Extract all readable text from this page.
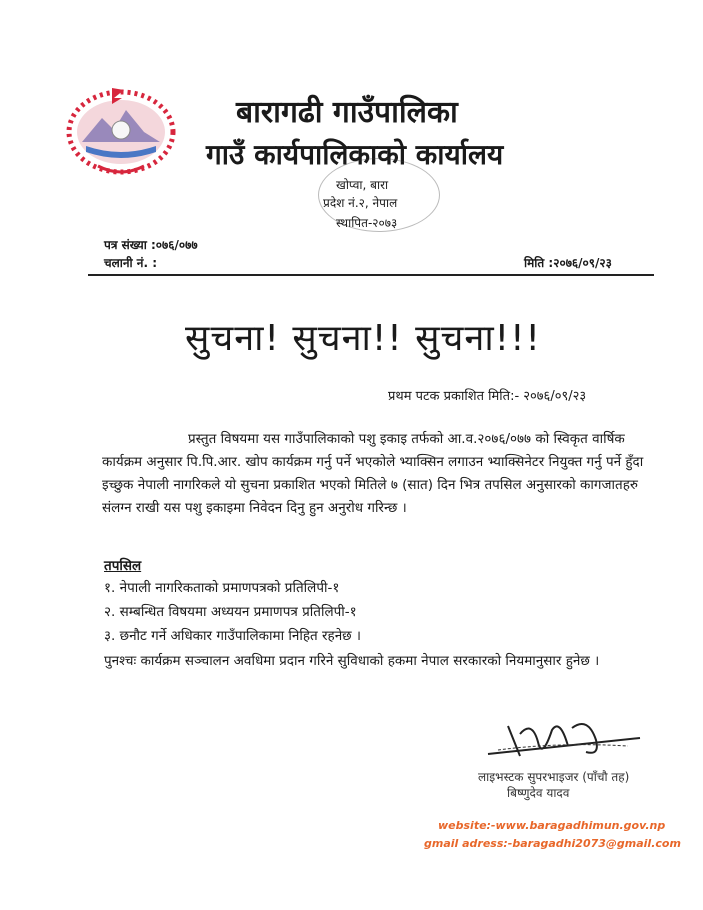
बारागढी गाउँपालिका
गाउँ कार्यपालिकाको कार्यालय
खोप्वा, बारा
प्रदेश नं.२, नेपाल
स्थापित-२०७३
पत्र संख्या :०७६/०७७
चलानी नं. :	मिति :२०७६/०९/२३
सुचना! सुचना!! सुचना!!!
प्रथम पटक प्रकाशित मिति:- २०७६/०९/२३
प्रस्तुत विषयमा यस गाउँपालिकाको पशु इकाइ तर्फको आ.व.२०७६/०७७ को स्विकृत वार्षिक कार्यक्रम अनुसार पि.पि.आर. खोप कार्यक्रम गर्नु पर्ने भएकोले भ्याक्सिन लगाउन भ्याक्सिनेटर नियुक्त गर्नु पर्ने हुँदा इच्छुक नेपाली नागरिकले यो सुचना प्रकाशित भएको मितिले ७ (सात) दिन भित्र तपसिल अनुसारको कागजातहरु संलग्न राखी यस पशु इकाइमा निवेदन दिनु हुन अनुरोध गरिन्छ ।
तपसिल
१. नेपाली नागरिकताको प्रमाणपत्रको प्रतिलिपी-१
२. सम्बन्धित विषयमा अध्ययन प्रमाणपत्र प्रतिलिपी-१
३. छनौट गर्ने अधिकार गाउँपालिकामा निहित रहनेछ ।
पुनश्चः कार्यक्रम सञ्चालन अवधिमा प्रदान गरिने सुविधाको हकमा नेपाल सरकारको नियमानुसार हुनेछ ।
लाइभस्टक सुपरभाइजर (पाँचौ तह)
बिष्णुदेव यादव
website:-www.baragadhimun.gov.np
gmail adress:-baragadhi2073@gmail.com
